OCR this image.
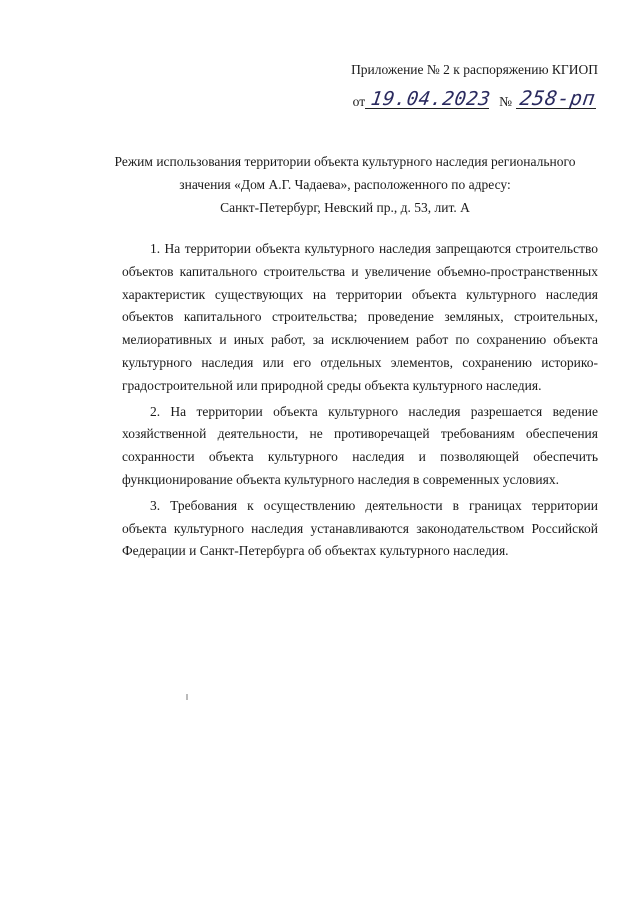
Приложение № 2 к распоряжению КГИОП
от 19.04.2023 № 258-рп
Режим использования территории объекта культурного наследия регионального
значения «Дом А.Г. Чадаева», расположенного по адресу:
Санкт-Петербург, Невский пр., д. 53, лит. А

1. На территории объекта культурного наследия запрещаются строительство объектов капитального строительства и увеличение объемно-пространственных характеристик существующих на территории объекта культурного наследия объектов капитального строительства; проведение земляных, строительных, мелиоративных и иных работ, за исключением работ по сохранению объекта культурного наследия или его отдельных элементов, сохранению историко-градостроительной или природной среды объекта культурного наследия.

2. На территории объекта культурного наследия разрешается ведение хозяйственной деятельности, не противоречащей требованиям обеспечения сохранности объекта культурного наследия и позволяющей обеспечить функционирование объекта культурного наследия в современных условиях.

3. Требования к осуществлению деятельности в границах территории объекта культурного наследия устанавливаются законодательством Российской Федерации и Санкт-Петербурга об объектах культурного наследия.
